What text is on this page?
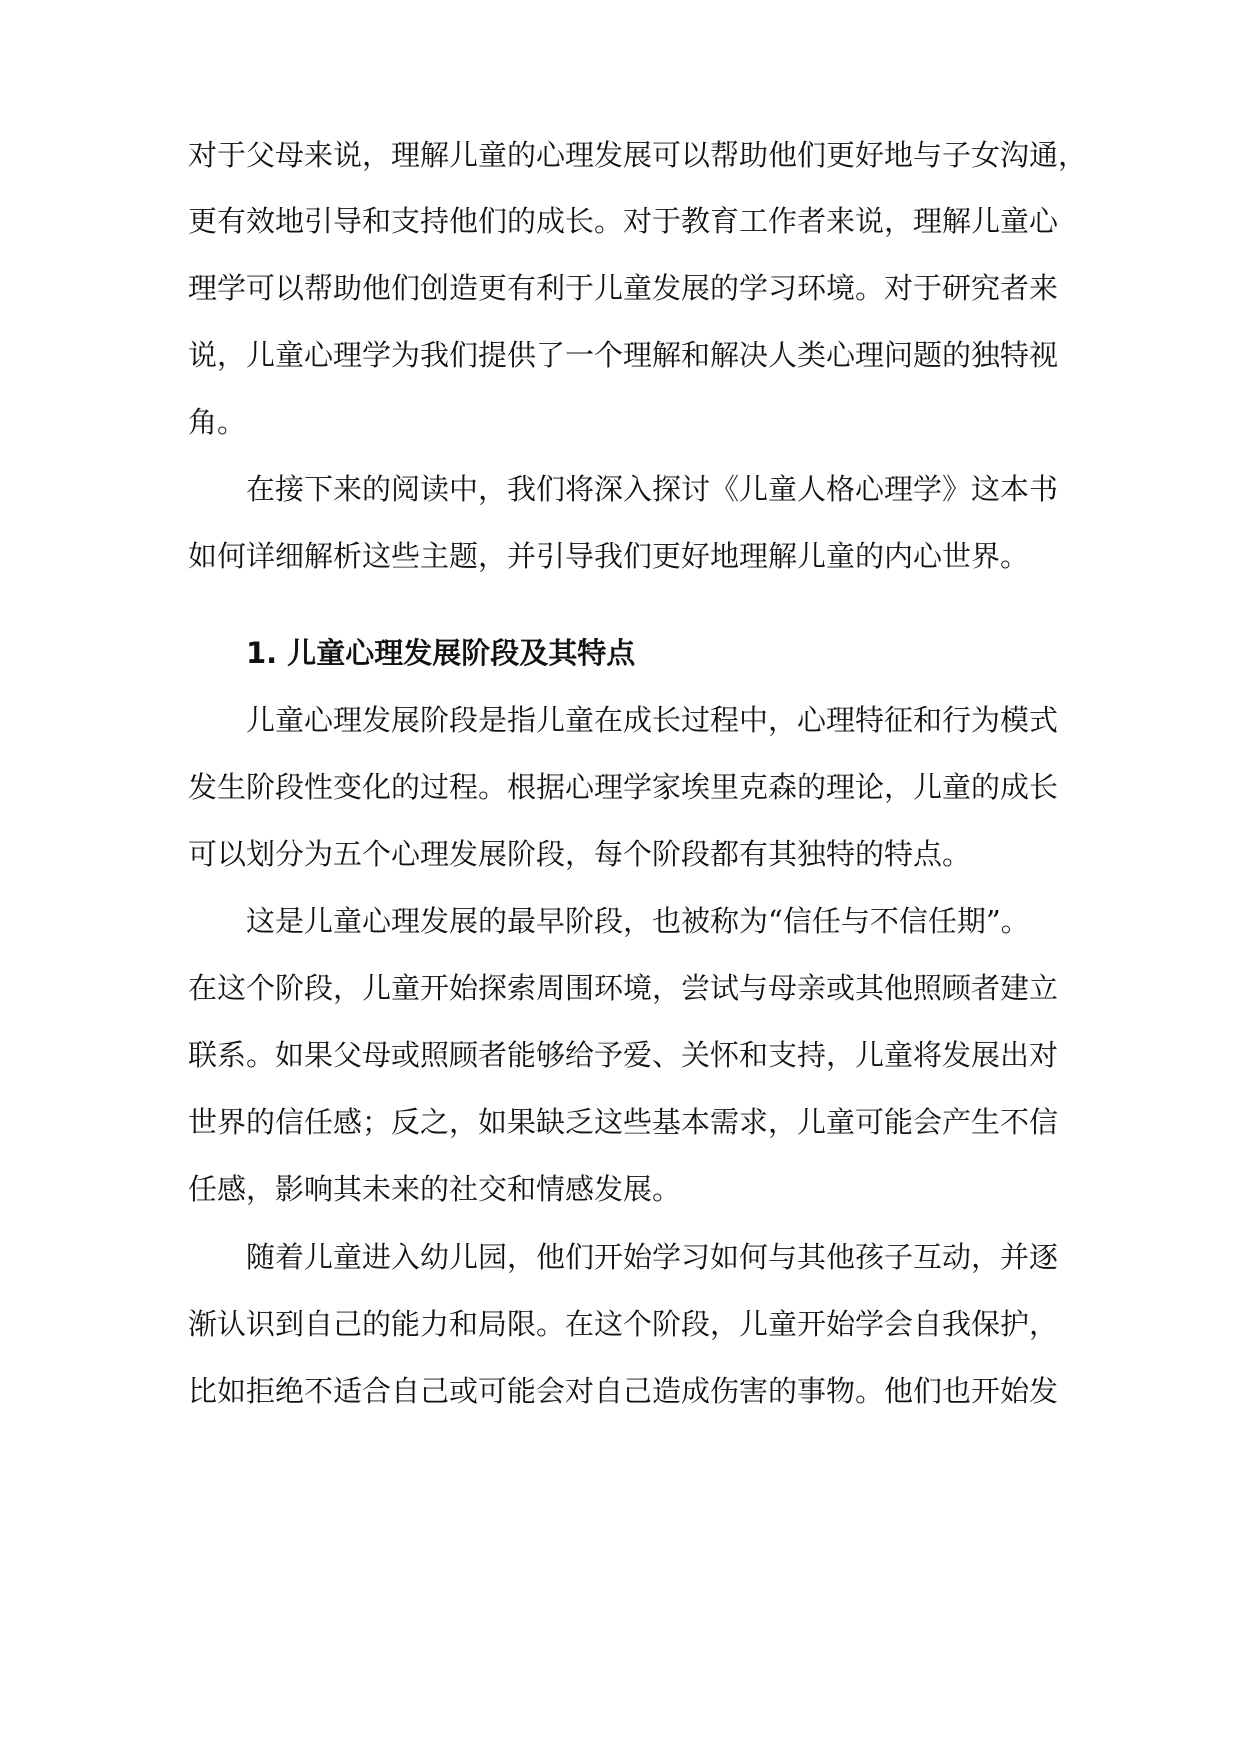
对于父母来说，理解儿童的心理发展可以帮助他们更好地与子女沟通，
更有效地引导和支持他们的成长。对于教育工作者来说，理解儿童心
理学可以帮助他们创造更有利于儿童发展的学习环境。对于研究者来
说，儿童心理学为我们提供了一个理解和解决人类心理问题的独特视
角。
在接下来的阅读中，我们将深入探讨《儿童人格心理学》这本书
如何详细解析这些主题，并引导我们更好地理解儿童的内心世界。
1. 儿童心理发展阶段及其特点
儿童心理发展阶段是指儿童在成长过程中，心理特征和行为模式
发生阶段性变化的过程。根据心理学家埃里克森的理论，儿童的成长
可以划分为五个心理发展阶段，每个阶段都有其独特的特点。
这是儿童心理发展的最早阶段，也被称为“信任与不信任期”。
在这个阶段，儿童开始探索周围环境，尝试与母亲或其他照顾者建立
联系。如果父母或照顾者能够给予爱、关怀和支持，儿童将发展出对
世界的信任感；反之，如果缺乏这些基本需求，儿童可能会产生不信
任感，影响其未来的社交和情感发展。
随着儿童进入幼儿园，他们开始学习如何与其他孩子互动，并逐
渐认识到自己的能力和局限。在这个阶段，儿童开始学会自我保护，
比如拒绝不适合自己或可能会对自己造成伤害的事物。他们也开始发
